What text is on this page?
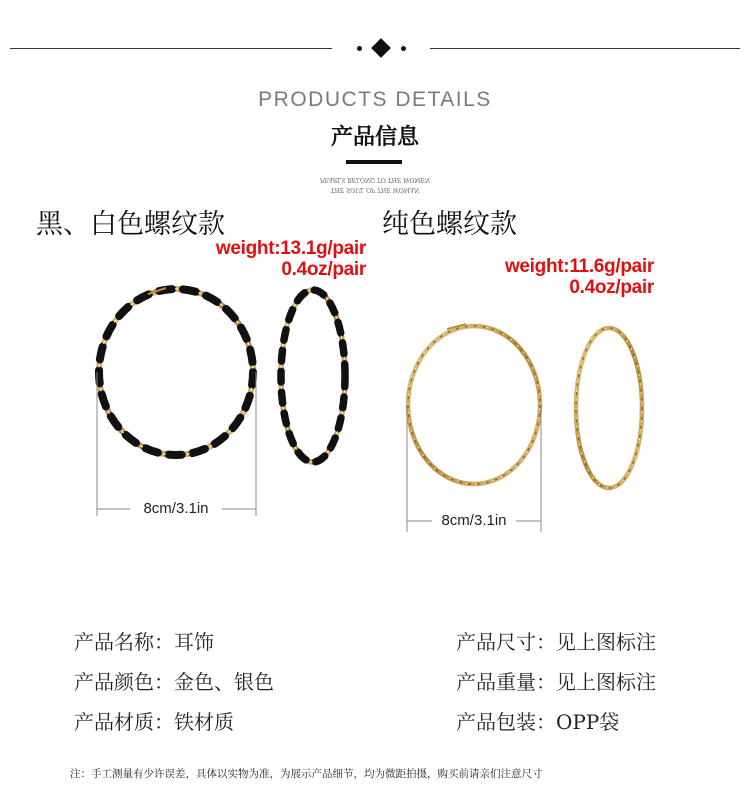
PRODUCTS DETAILS
产品信息
PEARLS BELONG TO THE WOMEN
THE SOUL OF THE WOMAN
黑、白色螺纹款	纯色螺纹款
weight:13.1g/pair
0.4oz/pair	weight:11.6g/pair
0.4oz/pair
8cm/3.1in
8cm/3.1in
产品名称：耳饰
产品颜色：金色、银色
产品材质：铁材质
产品尺寸：见上图标注
产品重量：见上图标注
产品包装：OPP袋
注：手工测量有少许误差，具体以实物为准，为展示产品细节，均为微距拍摄，购买前请亲们注意尺寸
